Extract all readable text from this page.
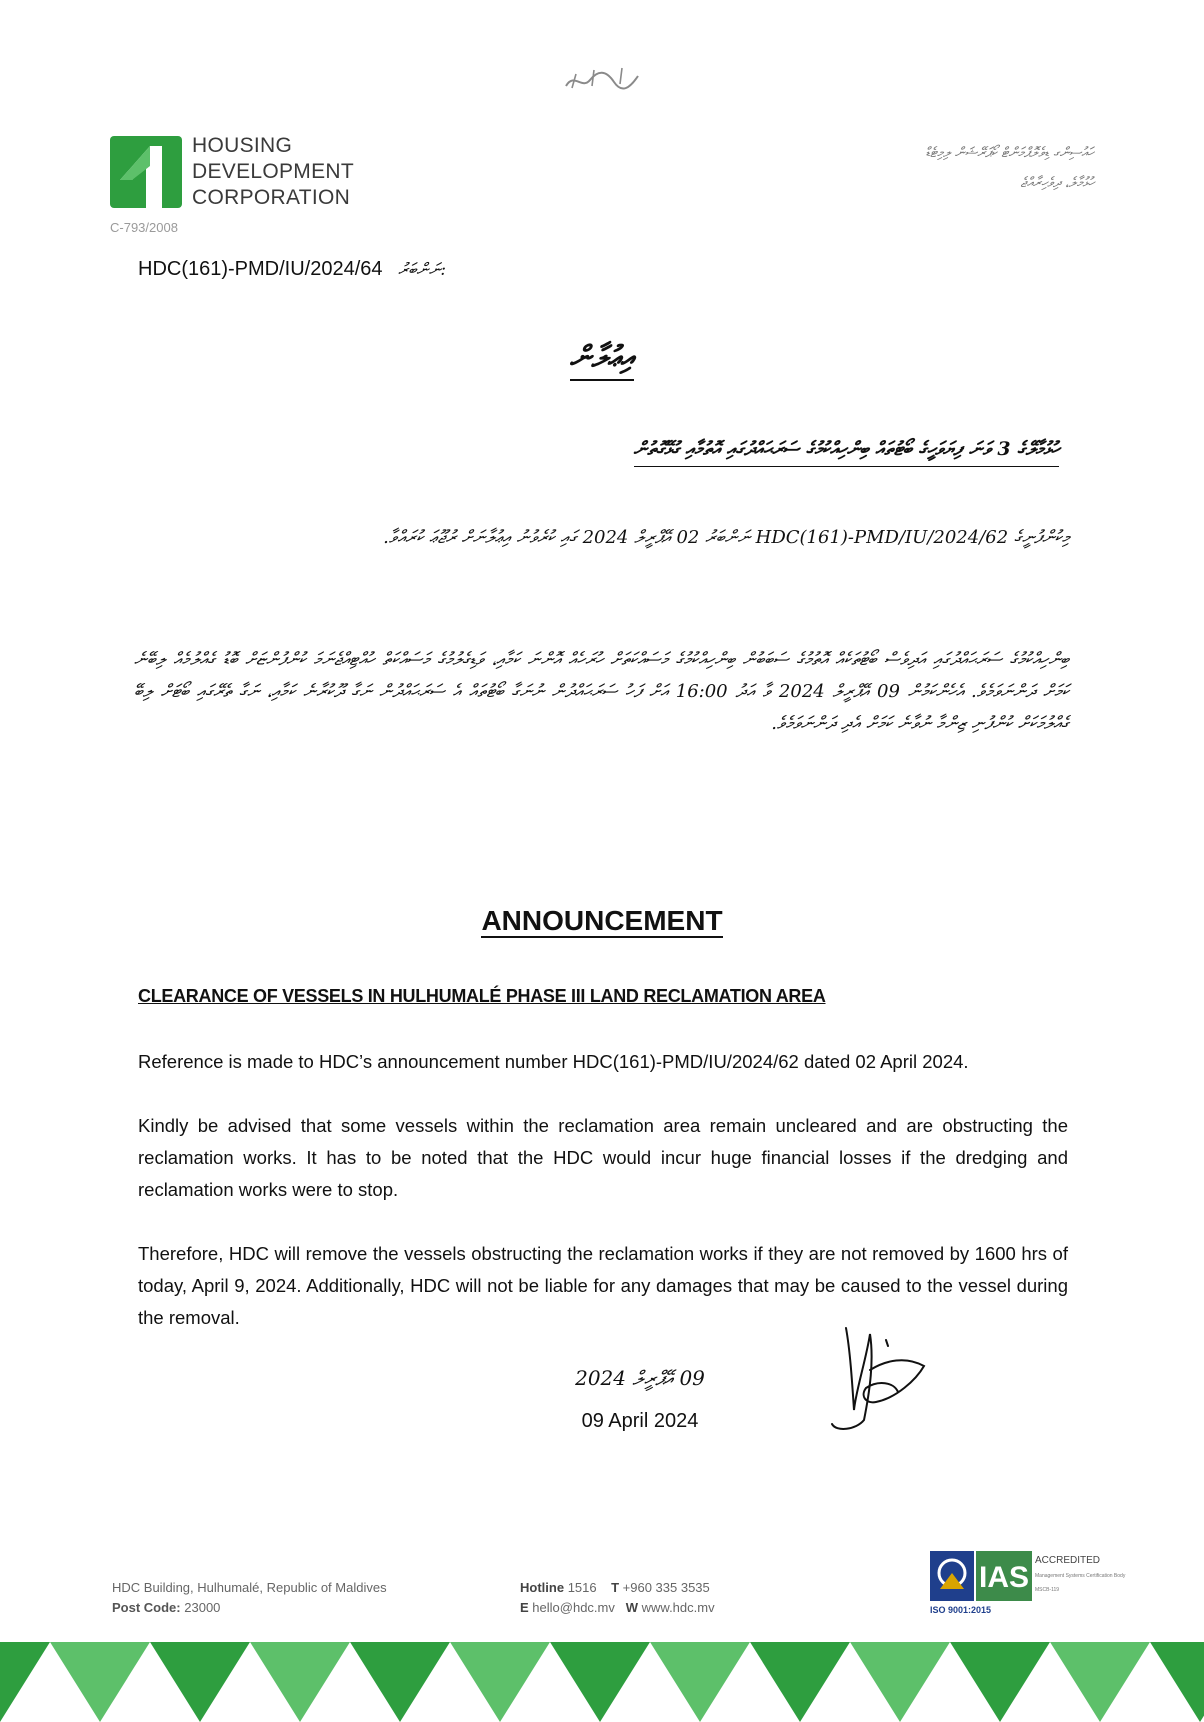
HOUSING
DEVELOPMENT
CORPORATION
C-793/2008
ހައުސިންގ ޑިވެލޮޕްމަންޓް ކޯޕަރޭޝަން ލިމިޓެޑް
ހުޅުމާލެ، ދިވެހިރާއްޖެ
HDC(161)-PMD/IU/2024/64 ނަންބަރު:
އިޢުލާން
ހުޅުމާލޭގެ 3 ވަނަ ފިޔަވަހީގެ ބޯޓުތައް ބިންހިއްކުމުގެ ސަރަޙައްދުގައި އޮތުމާއި ގުޅޭގޮތުން
މިކުންފުނީގެ HDC(161)-PMD/IU/2024/62 ނަންބަރު 02 އޭޕްރީލް 2024 ގައި ކުރެވުނު އިޢުލާނަށް ރުޖޫޢަ ކުރައްވާ.
ބިންހިއްކުމުގެ ސަރަޙައްދުގައި އަދިވެސް ބޯޓުތަކެއް އޮތުމުގެ ސަބަބުން ބިންހިއްކުމުގެ މަސައްކަތަށް ހުރަހެއް އޮންނަ ކަމާއި، ވަޑިގެލުމުގެ މަސައްކަތް ހުއްޓިއްޖެނަމަ ކުންފުންޏަށް ބޮޑު ގެއްލުމެއް ލިބޭނެ ކަމަށް ދަންނަވަމެވެ. އެހެންކަމުން 09 އޭޕްރީލް 2024 ވާ އަދު 16:00 އަށް ފަހު ސަރަޙައްދުން ނުނަގާ ބޯޓުތައް އެ ސަރަޙައްދުން ނަގާ ދޫކުރާނެ ކަމާއި، ނަގާ ތެރޭގައި ބޯޓަށް ލިބޭ ގެއްލުމަކަށް ކުންފުނި ޒިންމާ ނުވާނެ ކަމަށް އެދި ދަންނަވަމެވެ.
ANNOUNCEMENT
CLEARANCE OF VESSELS IN HULHUMALÉ PHASE III LAND RECLAMATION AREA
Reference is made to HDC’s announcement number HDC(161)-PMD/IU/2024/62 dated 02 April 2024.
Kindly be advised that some vessels within the reclamation area remain uncleared and are obstructing the reclamation works. It has to be noted that the HDC would incur huge financial losses if the dredging and reclamation works were to stop.
Therefore, HDC will remove the vessels obstructing the reclamation works if they are not removed by 1600 hrs of today, April 9, 2024. Additionally, HDC will not be liable for any damages that may be caused to the vessel during the removal.
09 އޭޕްރީލް 2024
09 April 2024
HDC Building, Hulhumalé, Republic of Maldives
Post Code: 23000
Hotline 1516 T +960 335 3535
E hello@hdc.mv W www.hdc.mv
IAS
ACCREDITED
Management Systems Certification Body
MSCB-119
ISO 9001:2015
